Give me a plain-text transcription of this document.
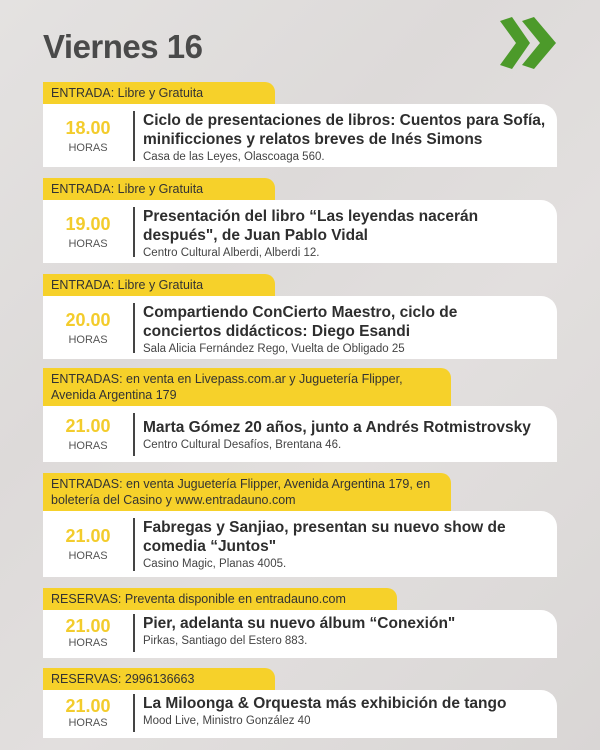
Viernes 16
ENTRADA: Libre y Gratuita
18.00
HORAS
Ciclo de presentaciones de libros: Cuentos para Sofía, minificciones y relatos breves de Inés Simons
Casa de las Leyes, Olascoaga 560.
ENTRADA: Libre y Gratuita
19.00
HORAS
Presentación del libro “Las leyendas nacerán después", de Juan Pablo Vidal
Centro Cultural Alberdi, Alberdi 12.
ENTRADA: Libre y Gratuita
20.00
HORAS
Compartiendo ConCierto Maestro, ciclo de conciertos didácticos: Diego Esandi
Sala Alicia Fernández Rego, Vuelta de Obligado 25
ENTRADAS: en venta en Livepass.com.ar y Juguetería Flipper, Avenida Argentina 179
21.00
HORAS
Marta Gómez 20 años, junto a Andrés Rotmistrovsky
Centro Cultural Desafíos, Brentana 46.
ENTRADAS: en venta Juguetería Flipper, Avenida Argentina 179, en boletería del Casino y www.entradauno.com
21.00
HORAS
Fabregas y Sanjiao, presentan su nuevo show de comedia “Juntos"
Casino Magic, Planas 4005.
RESERVAS: Preventa disponible en entradauno.com
21.00
HORAS
Pier, adelanta su nuevo álbum “Conexión"
Pirkas, Santiago del Estero 883.
RESERVAS: 2996136663
21.00
HORAS
La Miloonga & Orquesta más exhibición de tango
Mood Live, Ministro González 40
